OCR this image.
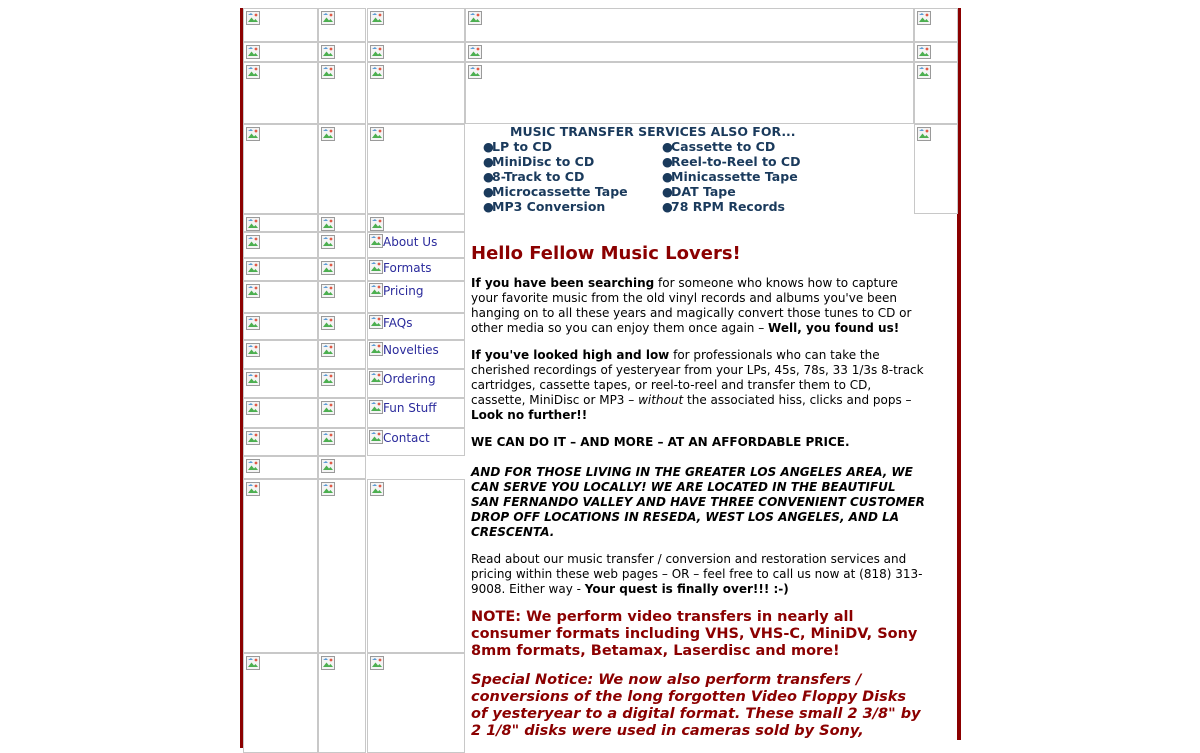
MUSIC TRANSFER SERVICES ALSO FOR...
●LP to CD
●MiniDisc to CD
●8-Track to CD
●Microcassette Tape
●MP3 Conversion
●Cassette to CD
●Reel-to-Reel to CD
●Minicassette Tape
●DAT Tape
●78 RPM Records
About Us
Formats
Pricing
FAQs
Novelties
Ordering
Fun Stuff
Contact
Hello Fellow Music Lovers!

If you have been searching for someone who knows how to capture your favorite music from the old vinyl records and albums you've been hanging on to all these years and magically convert those tunes to CD or other media so you can enjoy them once again – Well, you found us!

If you've looked high and low for professionals who can take the cherished recordings of yesteryear from your LPs, 45s, 78s, 33 1/3s 8-track cartridges, cassette tapes, or reel-to-reel and transfer them to CD, cassette, MiniDisc or MP3 – without the associated hiss, clicks and pops – Look no further!!

WE CAN DO IT – AND MORE – AT AN AFFORDABLE PRICE.

AND FOR THOSE LIVING IN THE GREATER LOS ANGELES AREA, WE CAN SERVE YOU LOCALLY! WE ARE LOCATED IN THE BEAUTIFUL SAN FERNANDO VALLEY AND HAVE THREE CONVENIENT CUSTOMER DROP OFF LOCATIONS IN RESEDA, WEST LOS ANGELES, AND LA CRESCENTA.

Read about our music transfer / conversion and restoration services and pricing within these web pages – OR – feel free to call us now at (818) 313-9008. Either way - Your quest is finally over!!! :-)

NOTE: We perform video transfers in nearly all consumer formats including VHS, VHS-C, MiniDV, Sony 8mm formats, Betamax, Laserdisc and more!

Special Notice: We now also perform transfers / conversions of the long forgotten Video Floppy Disks of yesteryear to a digital format. These small 2 3/8" by 2 1/8" disks were used in cameras sold by Sony,
